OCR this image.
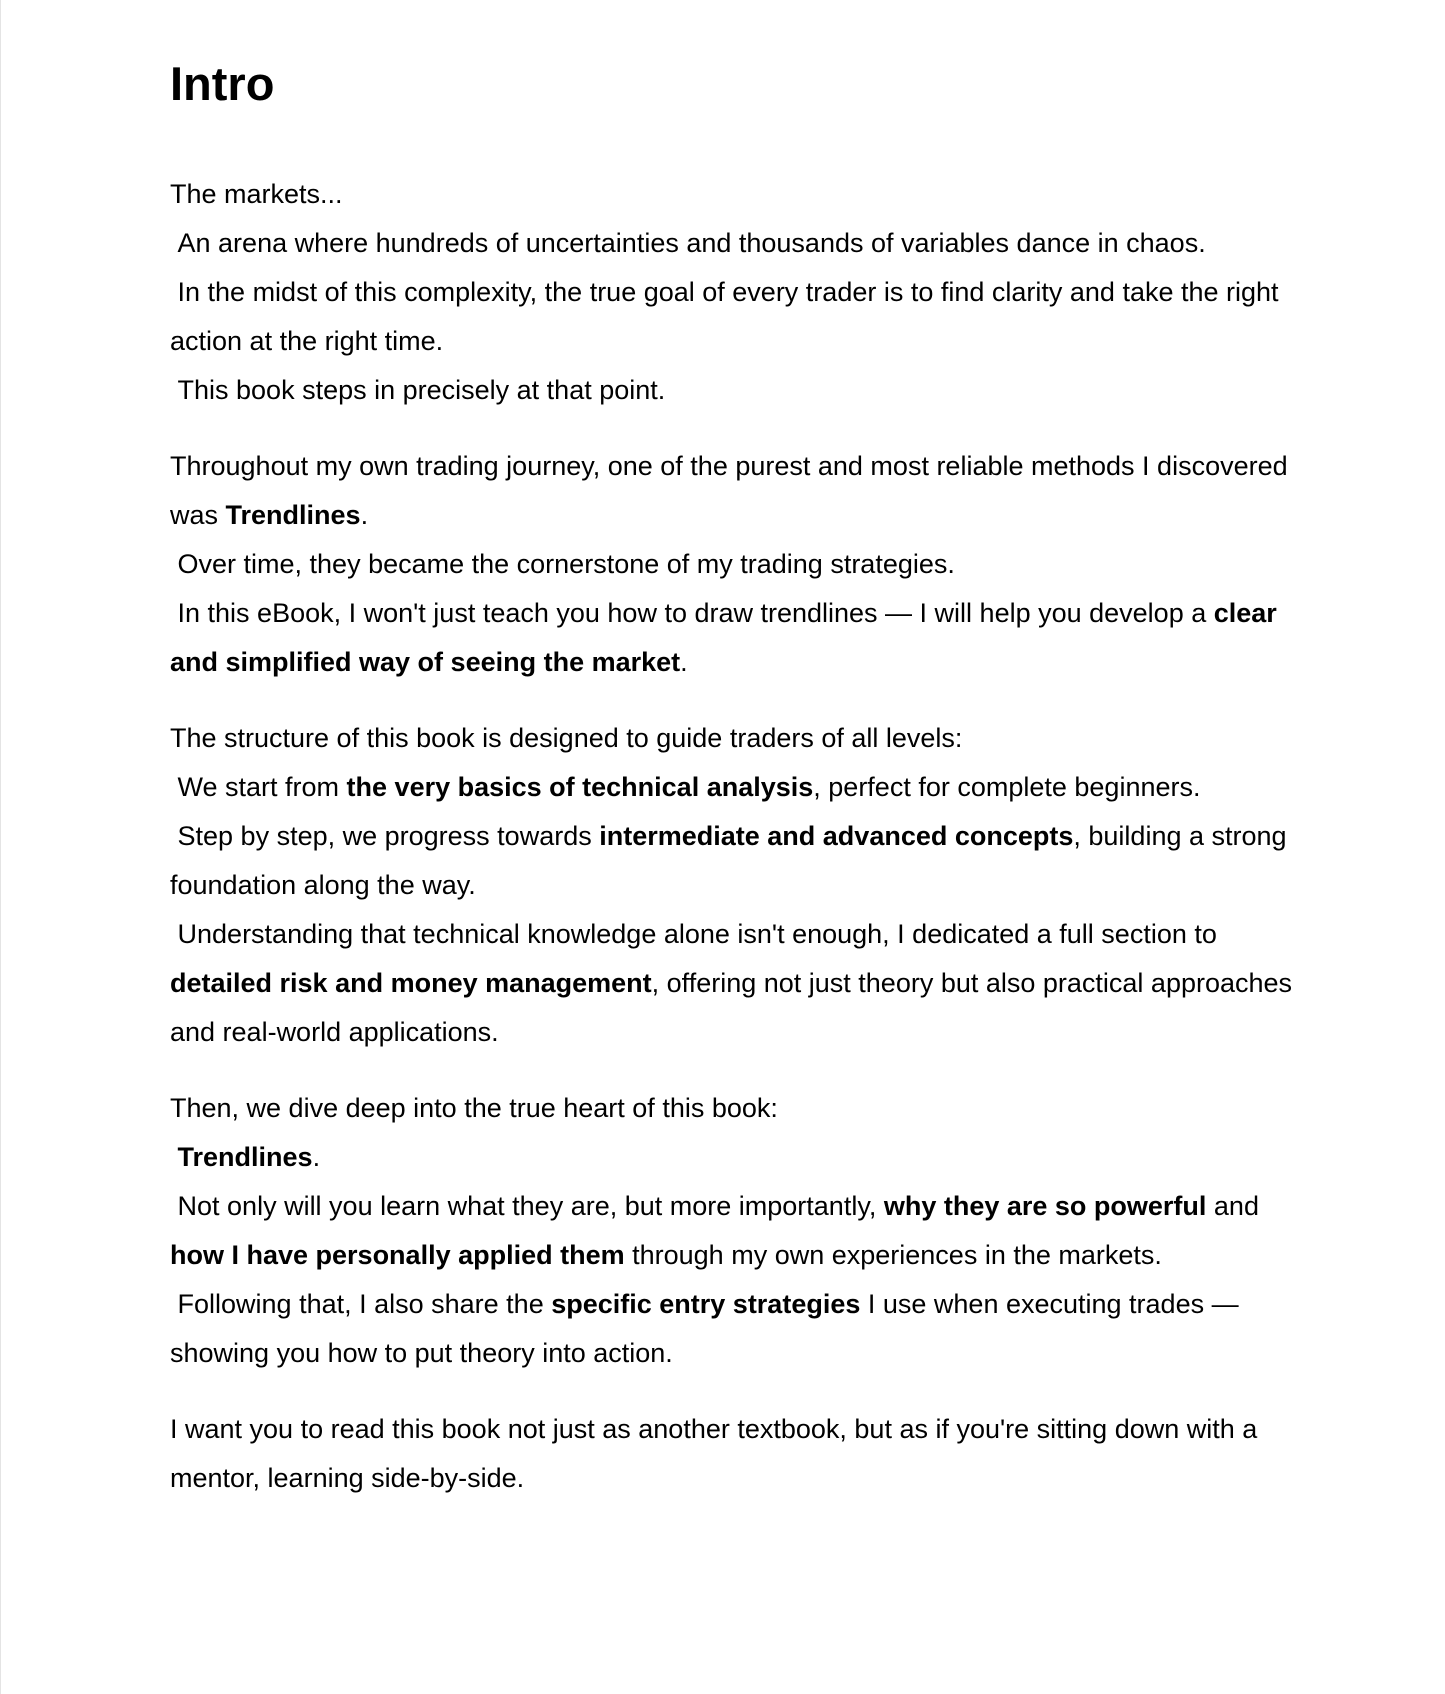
Intro

The markets...
An arena where hundreds of uncertainties and thousands of variables dance in chaos.
In the midst of this complexity, the true goal of every trader is to find clarity and take the right action at the right time.
This book steps in precisely at that point.

Throughout my own trading journey, one of the purest and most reliable methods I discovered was Trendlines.
Over time, they became the cornerstone of my trading strategies.
In this eBook, I won't just teach you how to draw trendlines — I will help you develop a clear and simplified way of seeing the market.

The structure of this book is designed to guide traders of all levels:
We start from the very basics of technical analysis, perfect for complete beginners.
Step by step, we progress towards intermediate and advanced concepts, building a strong foundation along the way.
Understanding that technical knowledge alone isn't enough, I dedicated a full section to detailed risk and money management, offering not just theory but also practical approaches and real-world applications.

Then, we dive deep into the true heart of this book:
Trendlines.
Not only will you learn what they are, but more importantly, why they are so powerful and how I have personally applied them through my own experiences in the markets.
Following that, I also share the specific entry strategies I use when executing trades — showing you how to put theory into action.

I want you to read this book not just as another textbook, but as if you're sitting down with a mentor, learning side-by-side.
